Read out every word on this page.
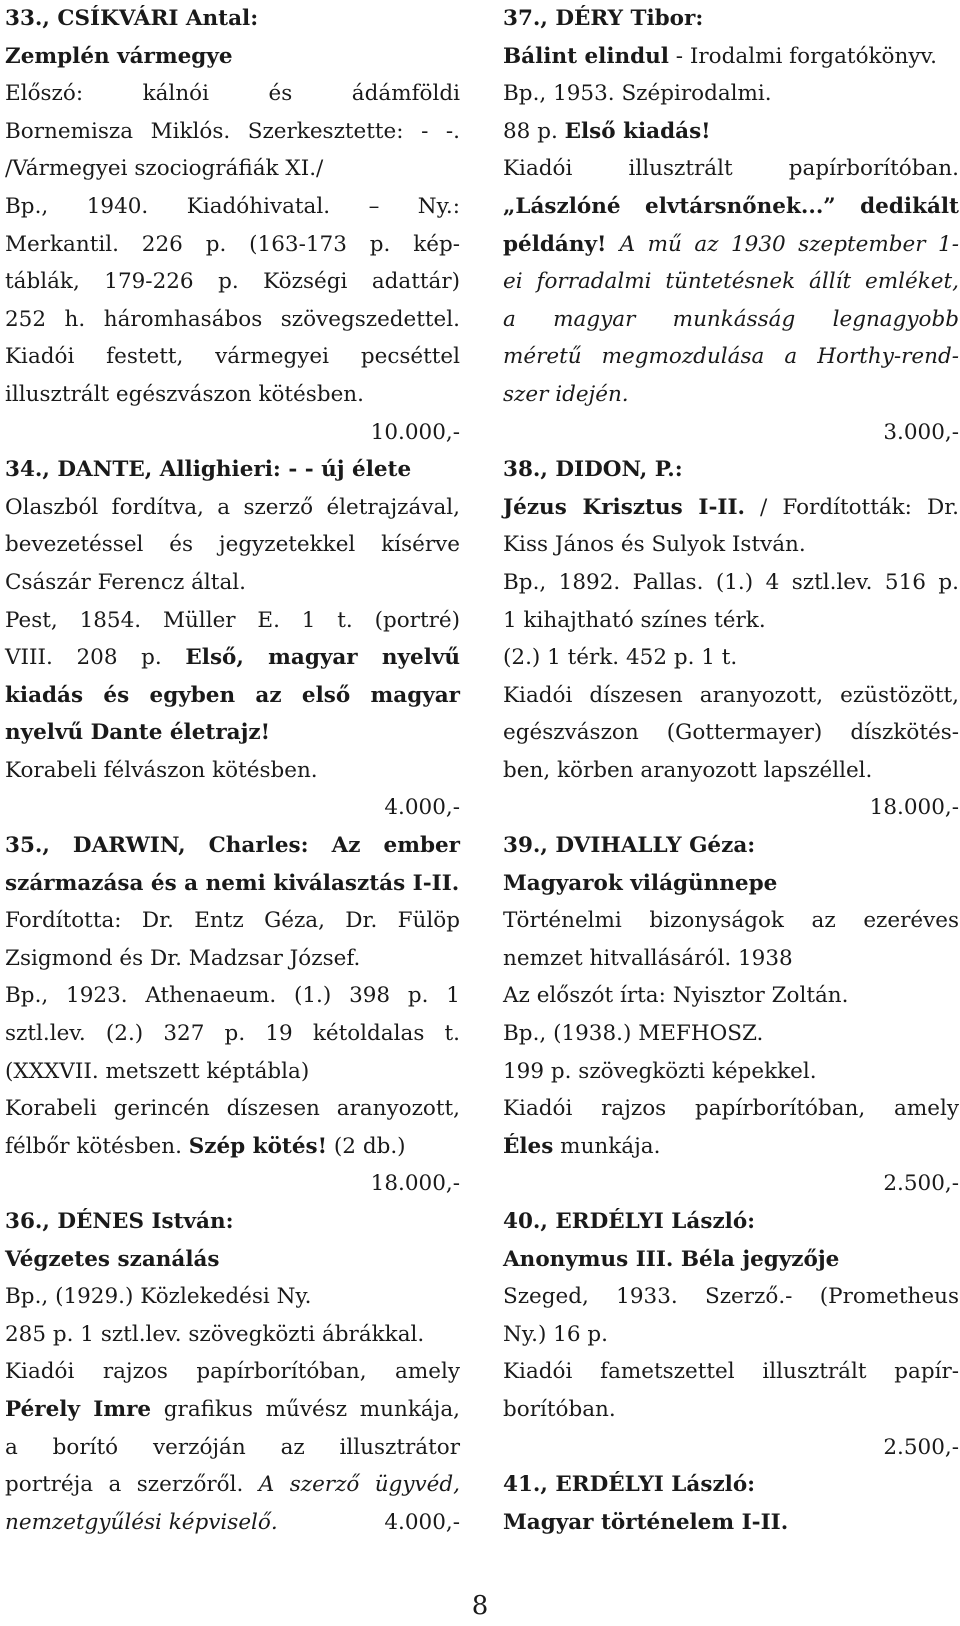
33., CSÍKVÁRI Antal:
Zemplén vármegye
Előszó: kálnói és ádámföldi
Bornemisza Miklós. Szerkesztette: - -.
/Vármegyei szociográfiák XI./
Bp., 1940. Kiadóhivatal. – Ny.:
Merkantil. 226 p. (163-173 p. kép-
táblák, 179-226 p. Községi adattár)
252 h. háromhasábos szövegszedettel.
Kiadói festett, vármegyei pecséttel
illusztrált egészvászon kötésben.
10.000,-
34., DANTE, Allighieri: - - új élete
Olaszból fordítva, a szerző életrajzával,
bevezetéssel és jegyzetekkel kísérve
Császár Ferencz által.
Pest, 1854. Müller E. 1 t. (portré)
VIII. 208 p. Első, magyar nyelvű
kiadás és egyben az első magyar
nyelvű Dante életrajz!
Korabeli félvászon kötésben.
4.000,-
35., DARWIN, Charles: Az ember
származása és a nemi kiválasztás I-II.
Fordította: Dr. Entz Géza, Dr. Fülöp
Zsigmond és Dr. Madzsar József.
Bp., 1923. Athenaeum. (1.) 398 p. 1
sztl.lev. (2.) 327 p. 19 kétoldalas t.
(XXXVII. metszett képtábla)
Korabeli gerincén díszesen aranyozott,
félbőr kötésben. Szép kötés! (2 db.)
18.000,-
36., DÉNES István:
Végzetes szanálás
Bp., (1929.) Közlekedési Ny.
285 p. 1 sztl.lev. szövegközti ábrákkal.
Kiadói rajzos papírborítóban, amely
Pérely Imre grafikus művész munkája,
a borító verzóján az illusztrátor
portréja a szerzőről. A szerző ügyvéd,
nemzetgyűlési képviselő.	4.000,-
37., DÉRY Tibor:
Bálint elindul - Irodalmi forgatókönyv.
Bp., 1953. Szépirodalmi.
88 p. Első kiadás!
Kiadói illusztrált papírborítóban.
„Lászlóné elvtársnőnek...” dedikált
példány! A mű az 1930 szeptember 1-
ei forradalmi tüntetésnek állít emléket,
a magyar munkásság legnagyobb
méretű megmozdulása a Horthy-rend-
szer idején.
3.000,-
38., DIDON, P.:
Jézus Krisztus I-II. / Fordították: Dr.
Kiss János és Sulyok István.
Bp., 1892. Pallas. (1.) 4 sztl.lev. 516 p.
1 kihajtható színes térk.
(2.) 1 térk. 452 p. 1 t.
Kiadói díszesen aranyozott, ezüstözött,
egészvászon (Gottermayer) díszkötés-
ben, körben aranyozott lapszéllel.
18.000,-
39., DVIHALLY Géza:
Magyarok világünnepe
Történelmi bizonyságok az ezeréves
nemzet hitvallásáról. 1938
Az előszót írta: Nyisztor Zoltán.
Bp., (1938.) MEFHOSZ.
199 p. szövegközti képekkel.
Kiadói rajzos papírborítóban, amely
Éles munkája.
2.500,-
40., ERDÉLYI László:
Anonymus III. Béla jegyzője
Szeged, 1933. Szerző.- (Prometheus
Ny.) 16 p.
Kiadói fametszettel illusztrált papír-
borítóban.
2.500,-
41., ERDÉLYI László:
Magyar történelem I-II.
8
